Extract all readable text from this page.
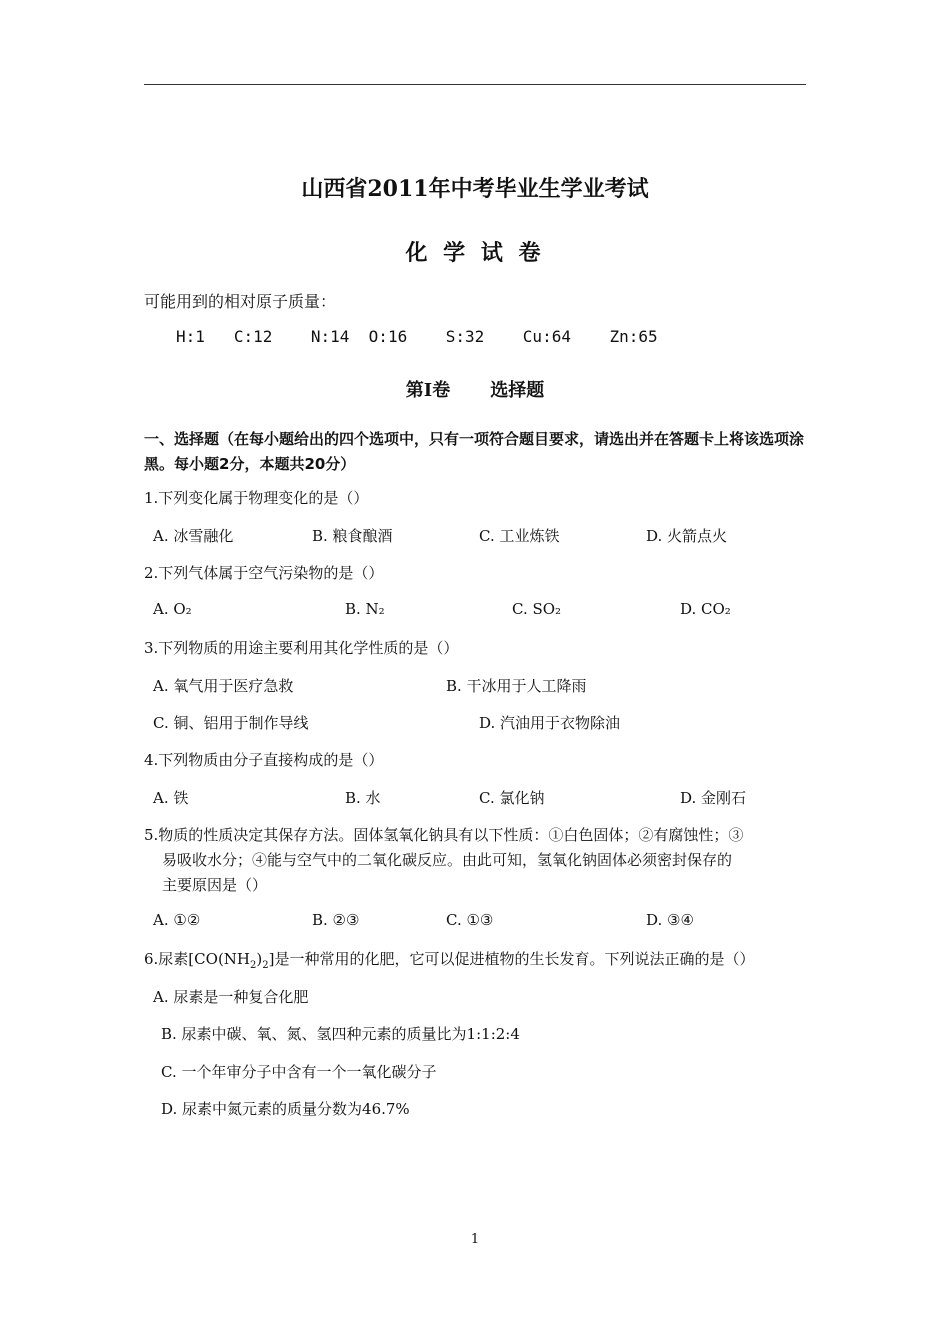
山西省2011年中考毕业生学业考试
化 学 试 卷
可能用到的相对原子质量：
H:1 C:12 N:14 O:16 S:32 Cu:64 Zn:65
第Ⅰ卷 选择题
一、选择题（在每小题给出的四个选项中，只有一项符合题目要求，请选出并在答题卡上将该选项涂黑。每小题2分，本题共20分）
1.下列变化属于物理变化的是（）
A. 冰雪融化	B. 粮食酿酒	C. 工业炼铁	D. 火箭点火
2.下列气体属于空气污染物的是（）
A. O₂	B. N₂	C. SO₂	D. CO₂
3.下列物质的用途主要利用其化学性质的是（）
A. 氧气用于医疗急救	B. 干冰用于人工降雨
C. 铜、铝用于制作导线	D. 汽油用于衣物除油
4.下列物质由分子直接构成的是（）
A. 铁	B. 水	C. 氯化钠	D. 金刚石
5.物质的性质决定其保存方法。固体氢氧化钠具有以下性质：①白色固体；②有腐蚀性；③
易吸收水分；④能与空气中的二氧化碳反应。由此可知，氢氧化钠固体必须密封保存的
主要原因是（）
A. ①②	B. ②③	C. ①③	D. ③④
6.尿素$[CO(NH_2)_2]$是一种常用的化肥，它可以促进植物的生长发育。下列说法正确的是（）
A. 尿素是一种复合化肥
B. 尿素中碳、氧、氮、氢四种元素的质量比为1:1:2:4
C. 一个年审分子中含有一个一氧化碳分子
D. 尿素中氮元素的质量分数为46.7%
1
